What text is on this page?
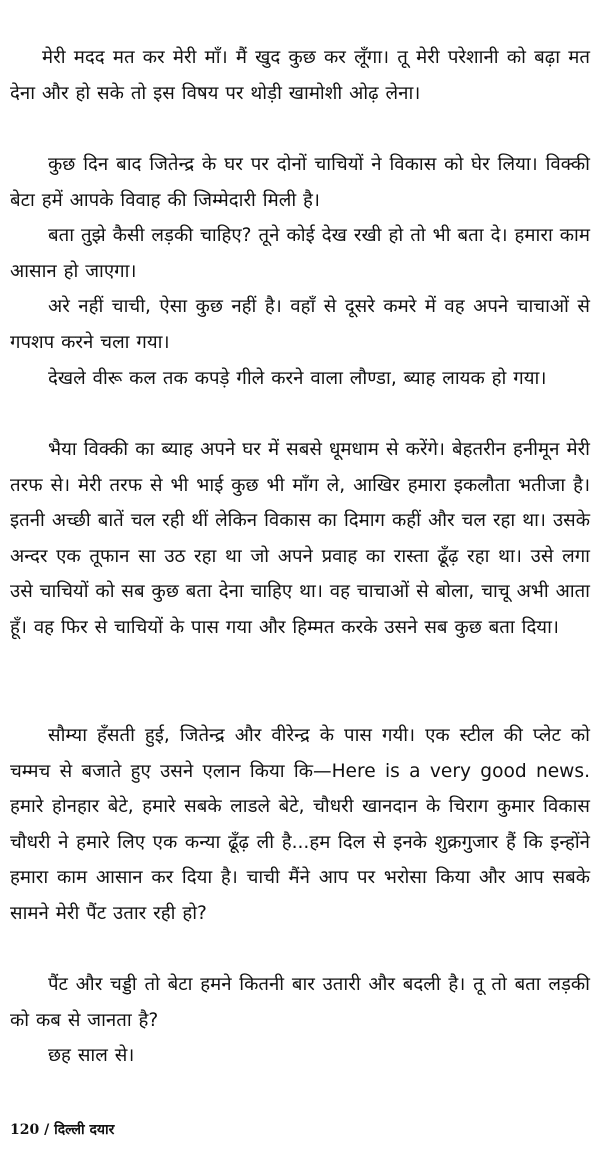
मेरी मदद मत कर मेरी माँ। मैं खुद कुछ कर लूँगा। तू मेरी परेशानी को बढ़ा मत देना और हो सके तो इस विषय पर थोड़ी खामोशी ओढ़ लेना।

कुछ दिन बाद जितेन्द्र के घर पर दोनों चाचियों ने विकास को घेर लिया। विक्की बेटा हमें आपके विवाह की जिम्मेदारी मिली है।

बता तुझे कैसी लड़की चाहिए? तूने कोई देख रखी हो तो भी बता दे। हमारा काम आसान हो जाएगा।

अरे नहीं चाची, ऐसा कुछ नहीं है। वहाँ से दूसरे कमरे में वह अपने चाचाओं से गपशप करने चला गया।

देखले वीरू कल तक कपड़े गीले करने वाला लौण्डा, ब्याह लायक हो गया।

भैया विक्की का ब्याह अपने घर में सबसे धूमधाम से करेंगे। बेहतरीन हनीमून मेरी तरफ से। मेरी तरफ से भी भाई कुछ भी माँग ले, आखिर हमारा इकलौता भतीजा है। इतनी अच्छी बातें चल रही थीं लेकिन विकास का दिमाग कहीं और चल रहा था। उसके अन्दर एक तूफान सा उठ रहा था जो अपने प्रवाह का रास्ता ढूँढ़ रहा था। उसे लगा उसे चाचियों को सब कुछ बता देना चाहिए था। वह चाचाओं से बोला, चाचू अभी आता हूँ। वह फिर से चाचियों के पास गया और हिम्मत करके उसने सब कुछ बता दिया।

सौम्या हँसती हुई, जितेन्द्र और वीरेन्द्र के पास गयी। एक स्टील की प्लेट को चम्मच से बजाते हुए उसने एलान किया कि—Here is a very good news. हमारे होनहार बेटे, हमारे सबके लाडले बेटे, चौधरी खानदान के चिराग कुमार विकास चौधरी ने हमारे लिए एक कन्या ढूँढ़ ली है...हम दिल से इनके शुक्रगुजार हैं कि इन्होंने हमारा काम आसान कर दिया है। चाची मैंने आप पर भरोसा किया और आप सबके सामने मेरी पैंट उतार रही हो?

पैंट और चड्डी तो बेटा हमने कितनी बार उतारी और बदली है। तू तो बता लड़की को कब से जानता है?

छह साल से।

120 / दिल्ली दयार
